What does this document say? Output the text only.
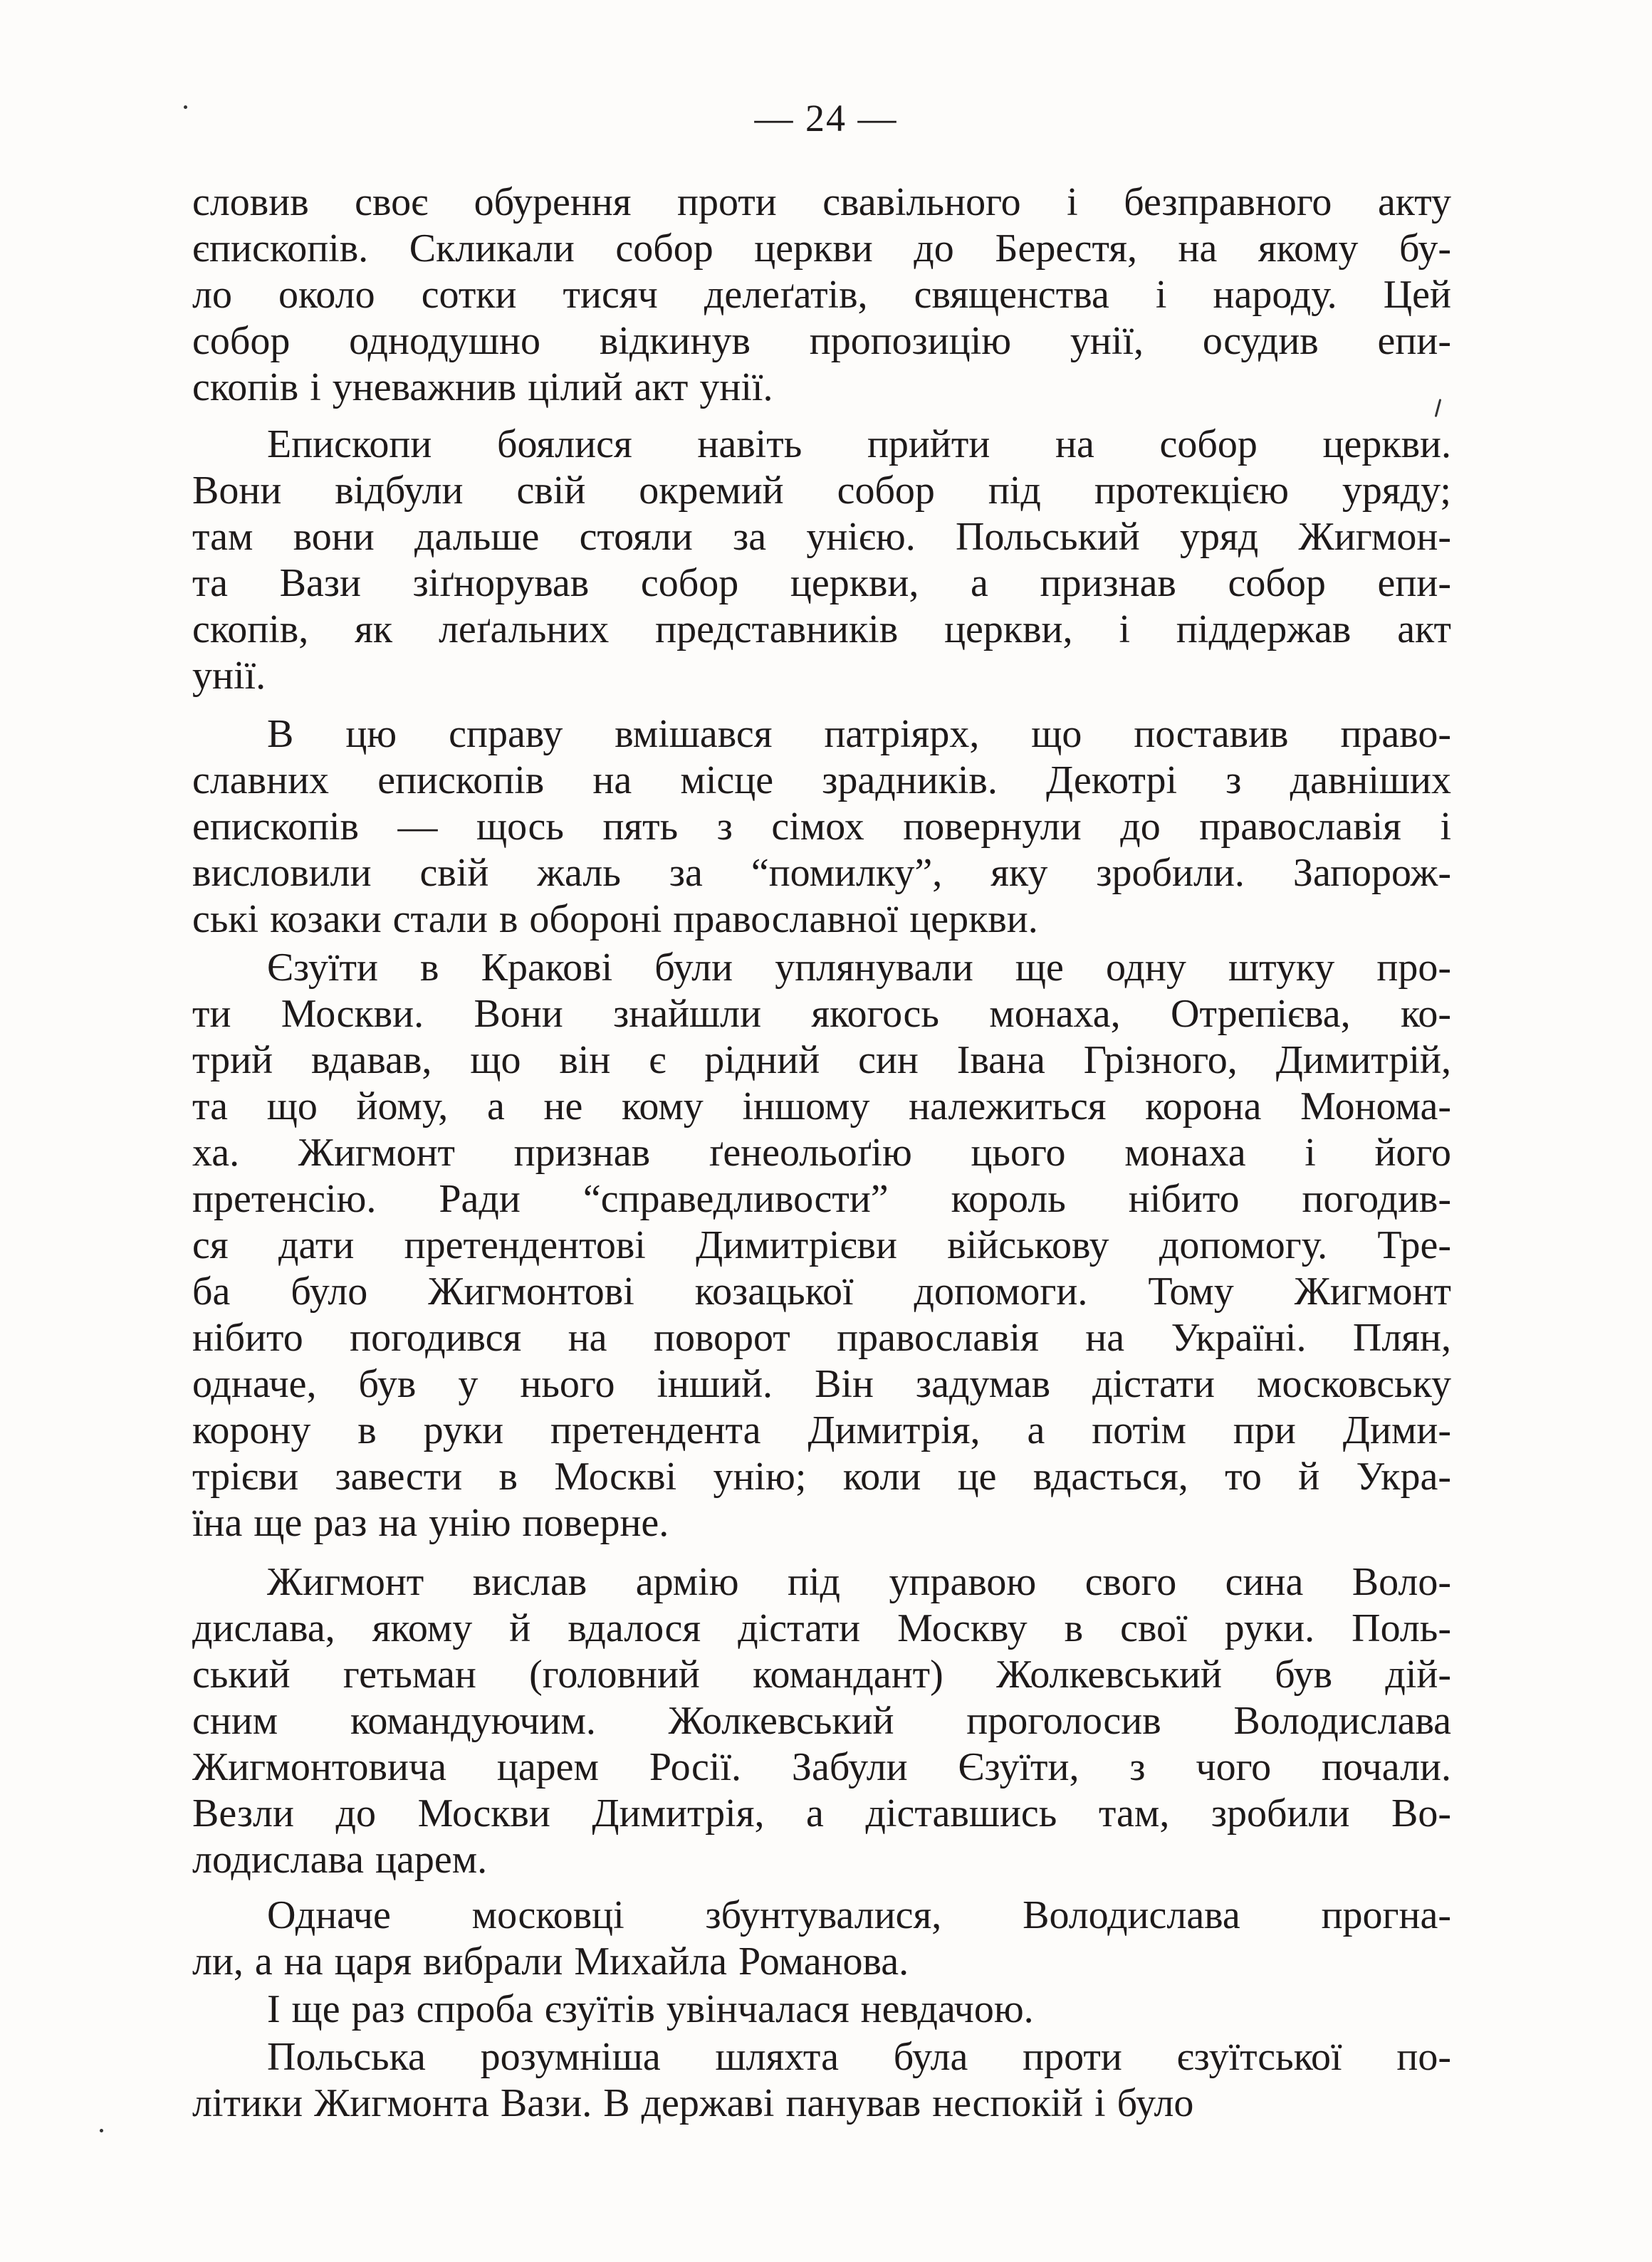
— 24 —
словив своє обурення проти свавільного і безправного акту
єпископів. Скликали собор церкви до Берестя, на якому бу-
ло около сотки тисяч делеґатів, священства і народу. Цей
собор однодушно відкинув пропозицію унії, осудив епи-
скопів і уневажнив цілий акт унії.
Епископи боялися навіть прийти на собор церкви.
Вони відбули свій окремий собор під протекцією уряду;
там вони дальше стояли за унією. Польський уряд Жигмон-
та Вази зіґнорував собор церкви, а признав собор епи-
скопів, як леґальних представників церкви, і піддержав акт
унії.
В цю справу вмішався патріярх, що поставив право-
славних епископів на місце зрадників. Декотрі з давніших
епископів — щось пять з сімох повернули до православія і
висловили свій жаль за “помилку”, яку зробили. Запорож-
ські козаки стали в обороні православної церкви.
Єзуїти в Кракові були уплянували ще одну штуку про-
ти Москви. Вони знайшли якогось монаха, Отрепієва, ко-
трий вдавав, що він є рідний син Івана Грізного, Димитрій,
та що йому, а не кому іншому належиться корона Монома-
ха. Жигмонт признав ґенеольоґію цього монаха і його
претенсію. Ради “справедливости” король нібито погодив-
ся дати претендентові Димитрієви військову допомогу. Тре-
ба було Жигмонтові козацької допомоги. Тому Жигмонт
нібито погодився на поворот православія на Україні. Плян,
одначе, був у нього інший. Він задумав дістати московську
корону в руки претендента Димитрія, а потім при Дими-
трієви завести в Москві унію; коли це вдасться, то й Укра-
їна ще раз на унію поверне.
Жигмонт вислав армію під управою свого сина Воло-
дислава, якому й вдалося дістати Москву в свої руки. Поль-
ський гетьман (головний командант) Жолкевський був дій-
сним командуючим. Жолкевський проголосив Володислава
Жигмонтовича царем Росії. Забули Єзуїти, з чого почали.
Везли до Москви Димитрія, а діставшись там, зробили Во-
лодислава царем.
Одначе московці збунтувалися, Володислава прогна-
ли, а на царя вибрали Михайла Романова.
І ще раз спроба єзуїтів увінчалася невдачою.
Польська розумніша шляхта була проти єзуїтської по-
літики Жигмонта Вази. В державі панував неспокій і було
